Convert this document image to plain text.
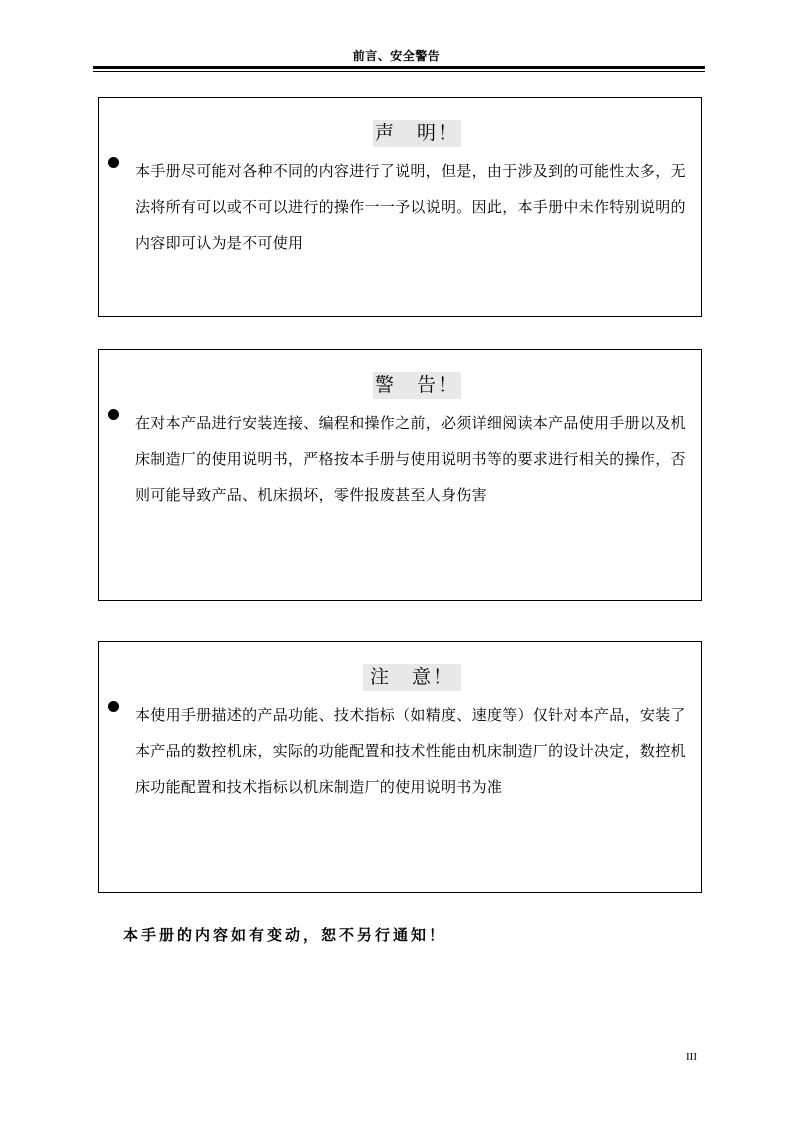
前言、安全警告
声　明！

本手册尽可能对各种不同的内容进行了说明，但是，由于涉及到的可能性太多，无法将所有可以或不可以进行的操作一一予以说明。因此，本手册中未作特别说明的内容即可认为是不可使用

警　告！

在对本产品进行安装连接、编程和操作之前，必须详细阅读本产品使用手册以及机床制造厂的使用说明书，严格按本手册与使用说明书等的要求进行相关的操作，否则可能导致产品、机床损坏，零件报废甚至人身伤害

注　意！

本使用手册描述的产品功能、技术指标（如精度、速度等）仅针对本产品，安装了本产品的数控机床，实际的功能配置和技术性能由机床制造厂的设计决定，数控机床功能配置和技术指标以机床制造厂的使用说明书为准

本手册的内容如有变动，恕不另行通知！
III
